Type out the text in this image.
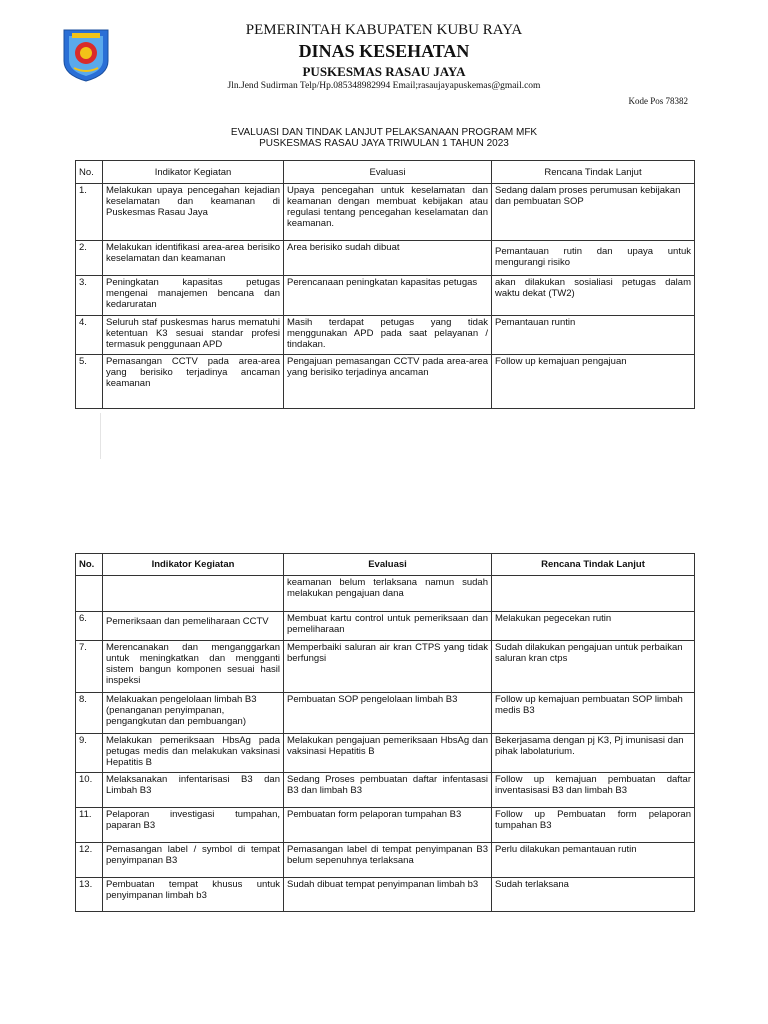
PEMERINTAH KABUPATEN KUBU RAYA
DINAS KESEHATAN
PUSKESMAS RASAU JAYA
Jln.Jend Sudirman Telp/Hp.085348982994 Email;rasaujayapuskemas@gmail.com
Kode Pos 78382
EVALUASI DAN TINDAK LANJUT PELAKSANAAN PROGRAM MFK
PUSKESMAS RASAU JAYA TRIWULAN 1 TAHUN 2023
No.	Indikator Kegiatan	Evaluasi	Rencana Tindak Lanjut
1.	Melakukan upaya pencegahan kejadian keselamatan dan keamanan di Puskesmas Rasau Jaya	Upaya pencegahan untuk keselamatan dan keamanan dengan membuat kebijakan atau regulasi tentang pencegahan keselamatan dan keamanan.	Sedang dalam proses perumusan kebijakan dan pembuatan SOP
2.	Melakukan identifikasi area-area berisiko keselamatan dan keamanan	Area berisiko sudah dibuat	Pemantauan rutin dan upaya untuk mengurangi risiko
3.	Peningkatan kapasitas petugas mengenai manajemen bencana dan kedaruratan	Perencanaan peningkatan kapasitas petugas	akan dilakukan sosialiasi petugas dalam waktu dekat (TW2)
4.	Seluruh staf puskesmas harus mematuhi ketentuan K3 sesuai standar profesi termasuk penggunaan APD	Masih terdapat petugas yang tidak menggunakan APD pada saat pelayanan / tindakan.	Pemantauan runtin
5.	Pemasangan CCTV pada area-area yang berisiko terjadinya ancaman keamanan	Pengajuan pemasangan CCTV pada area-area yang berisiko terjadinya ancaman	Follow up kemajuan pengajuan
No.	Indikator Kegiatan	Evaluasi	Rencana Tindak Lanjut
		keamanan belum terlaksana namun sudah melakukan pengajuan dana	
6.	Pemeriksaan dan pemeliharaan CCTV	Membuat kartu control untuk pemeriksaan dan pemeliharaan	Melakukan pegecekan rutin
7.	Merencanakan dan menganggarkan untuk meningkatkan dan mengganti sistem bangun komponen sesuai hasil inspeksi	Memperbaiki saluran air kran CTPS yang tidak berfungsi	Sudah dilakukan pengajuan untuk perbaikan saluran kran ctps
8.	Melakuakan pengelolaan limbah B3 (penanganan penyimpanan, pengangkutan dan pembuangan)	Pembuatan SOP pengelolaan limbah B3	Follow up kemajuan pembuatan SOP limbah medis B3
9.	Melakukan pemeriksaan HbsAg pada petugas medis dan melakukan vaksinasi Hepatitis B	Melakukan pengajuan pemeriksaan HbsAg dan vaksinasi Hepatitis B	Bekerjasama dengan pj K3, Pj imunisasi dan pihak labolaturium.
10.	Melaksanakan infentarisasi B3 dan Limbah B3	Sedang Proses pembuatan daftar infentasasi B3 dan limbah B3	Follow up kemajuan pembuatan daftar inventasisasi B3 dan limbah B3
11.	Pelaporan investigasi tumpahan, paparan B3	Pembuatan form pelaporan tumpahan B3	Follow up Pembuatan form pelaporan tumpahan B3
12.	Pemasangan label / symbol di tempat penyimpanan B3	Pemasangan label di tempat penyimpanan B3 belum sepenuhnya terlaksana	Perlu dilakukan pemantauan rutin
13.	Pembuatan tempat khusus untuk penyimpanan limbah b3	Sudah dibuat tempat penyimpanan limbah b3	Sudah terlaksana
